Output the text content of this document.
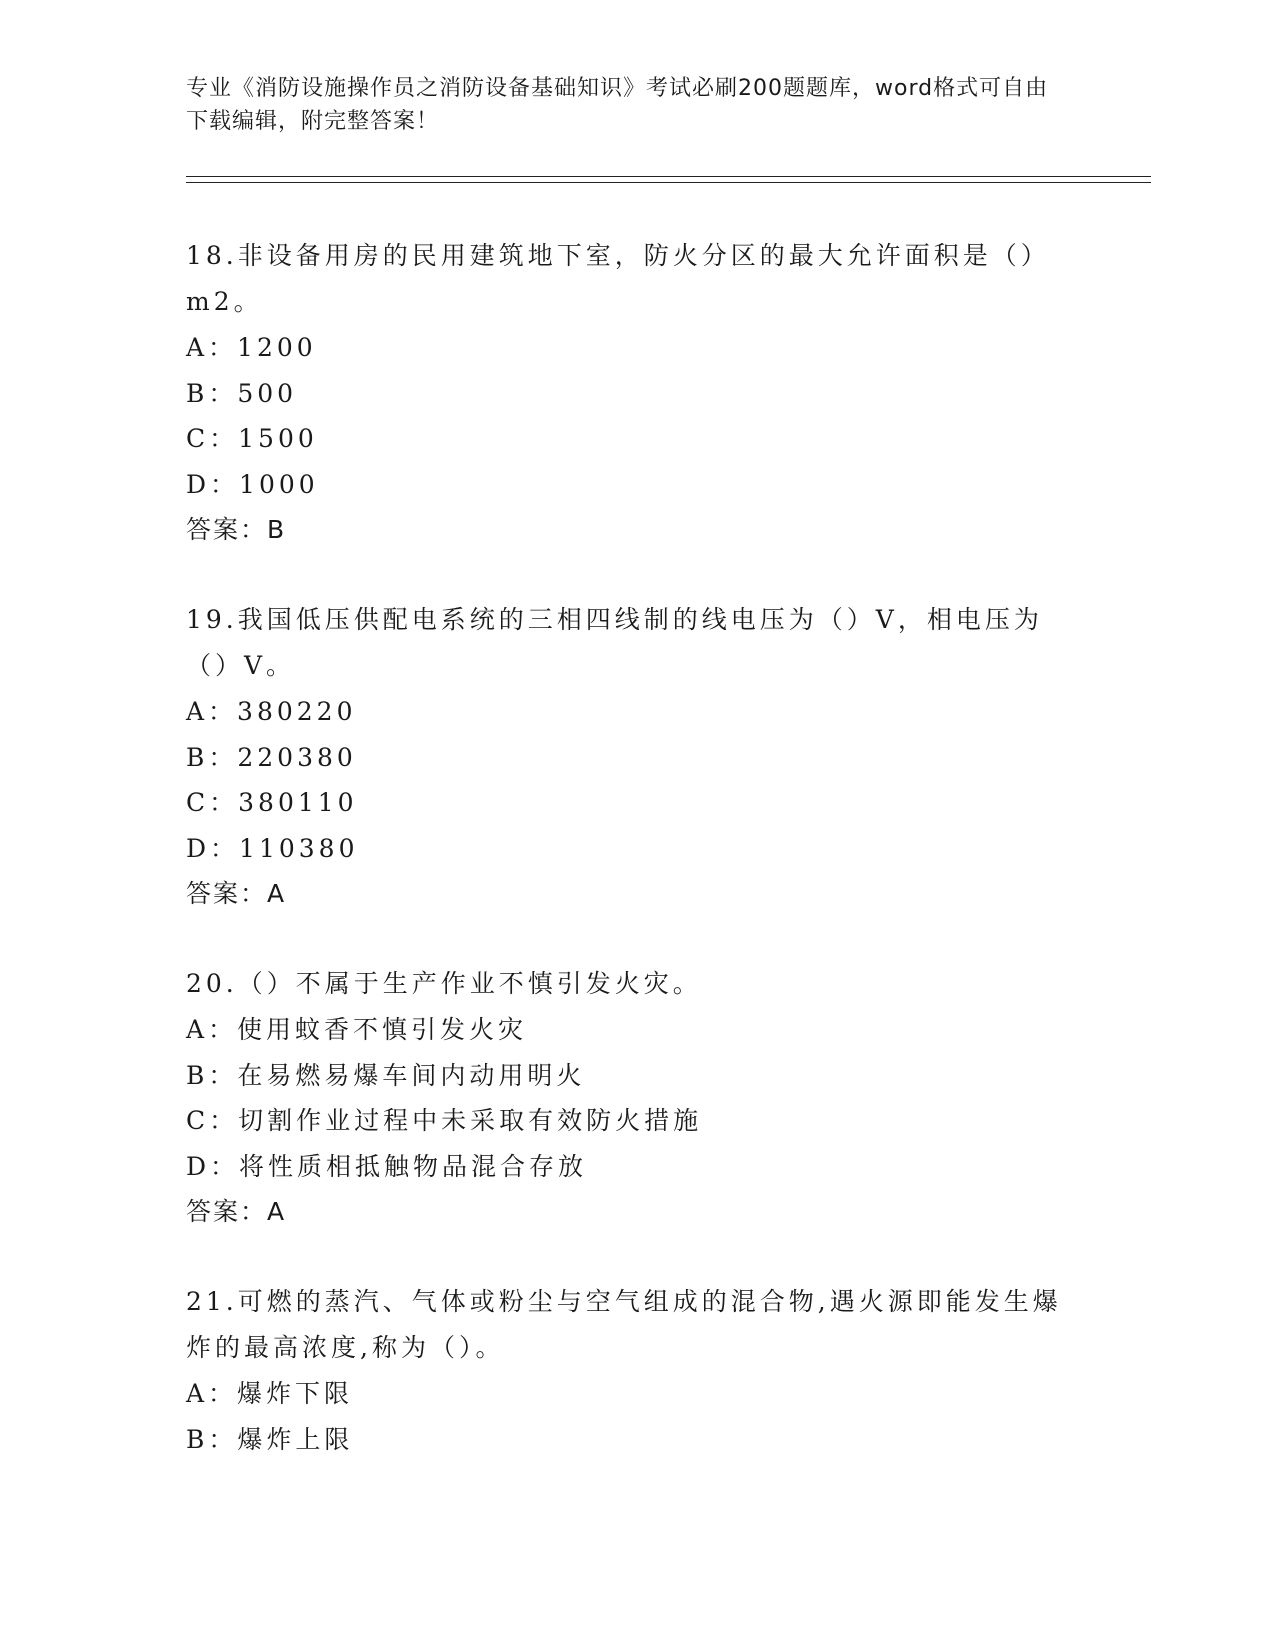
专业《消防设施操作员之消防设备基础知识》考试必刷200题题库，word格式可自由下载编辑，附完整答案！

18.非设备用房的民用建筑地下室，防火分区的最大允许面积是（）m2。

A：1200

B：500

C：1500

D：1000

答案：B

19.我国低压供配电系统的三相四线制的线电压为（）V，相电压为（）V。

A：380220

B：220380

C：380110

D：110380

答案：A

20.（）不属于生产作业不慎引发火灾。

A：使用蚊香不慎引发火灾

B：在易燃易爆车间内动用明火

C：切割作业过程中未采取有效防火措施

D：将性质相抵触物品混合存放

答案：A

21.可燃的蒸汽、气体或粉尘与空气组成的混合物,遇火源即能发生爆炸的最高浓度,称为（）。

A：爆炸下限

B：爆炸上限
